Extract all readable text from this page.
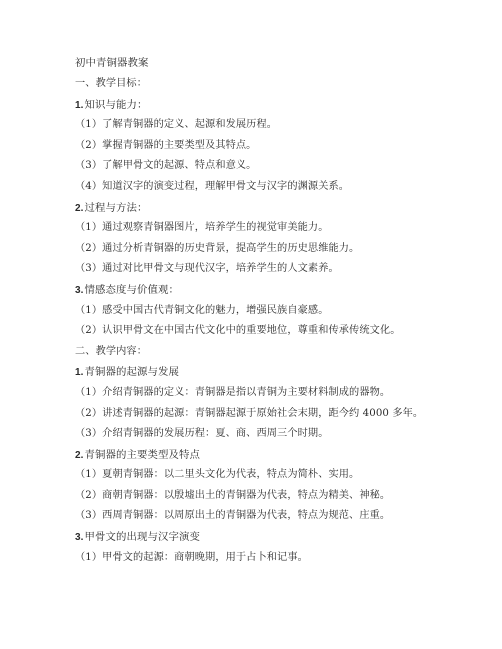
初中青铜器教案
一、教学目标：
1.知识与能力：
（1）了解青铜器的定义、起源和发展历程。
（2）掌握青铜器的主要类型及其特点。
（3）了解甲骨文的起源、特点和意义。
（4）知道汉字的演变过程，理解甲骨文与汉字的渊源关系。
2.过程与方法：
（1）通过观察青铜器图片，培养学生的视觉审美能力。
（2）通过分析青铜器的历史背景，提高学生的历史思维能力。
（3）通过对比甲骨文与现代汉字，培养学生的人文素养。
3.情感态度与价值观：
（1）感受中国古代青铜文化的魅力，增强民族自豪感。
（2）认识甲骨文在中国古代文化中的重要地位，尊重和传承传统文化。
二、教学内容：
1.青铜器的起源与发展
（1）介绍青铜器的定义：青铜器是指以青铜为主要材料制成的器物。
（2）讲述青铜器的起源：青铜器起源于原始社会末期，距今约 4000 多年。
（3）介绍青铜器的发展历程：夏、商、西周三个时期。
2.青铜器的主要类型及特点
（1）夏朝青铜器：以二里头文化为代表，特点为简朴、实用。
（2）商朝青铜器：以殷墟出土的青铜器为代表，特点为精美、神秘。
（3）西周青铜器：以周原出土的青铜器为代表，特点为规范、庄重。
3.甲骨文的出现与汉字演变
（1）甲骨文的起源：商朝晚期，用于占卜和记事。
